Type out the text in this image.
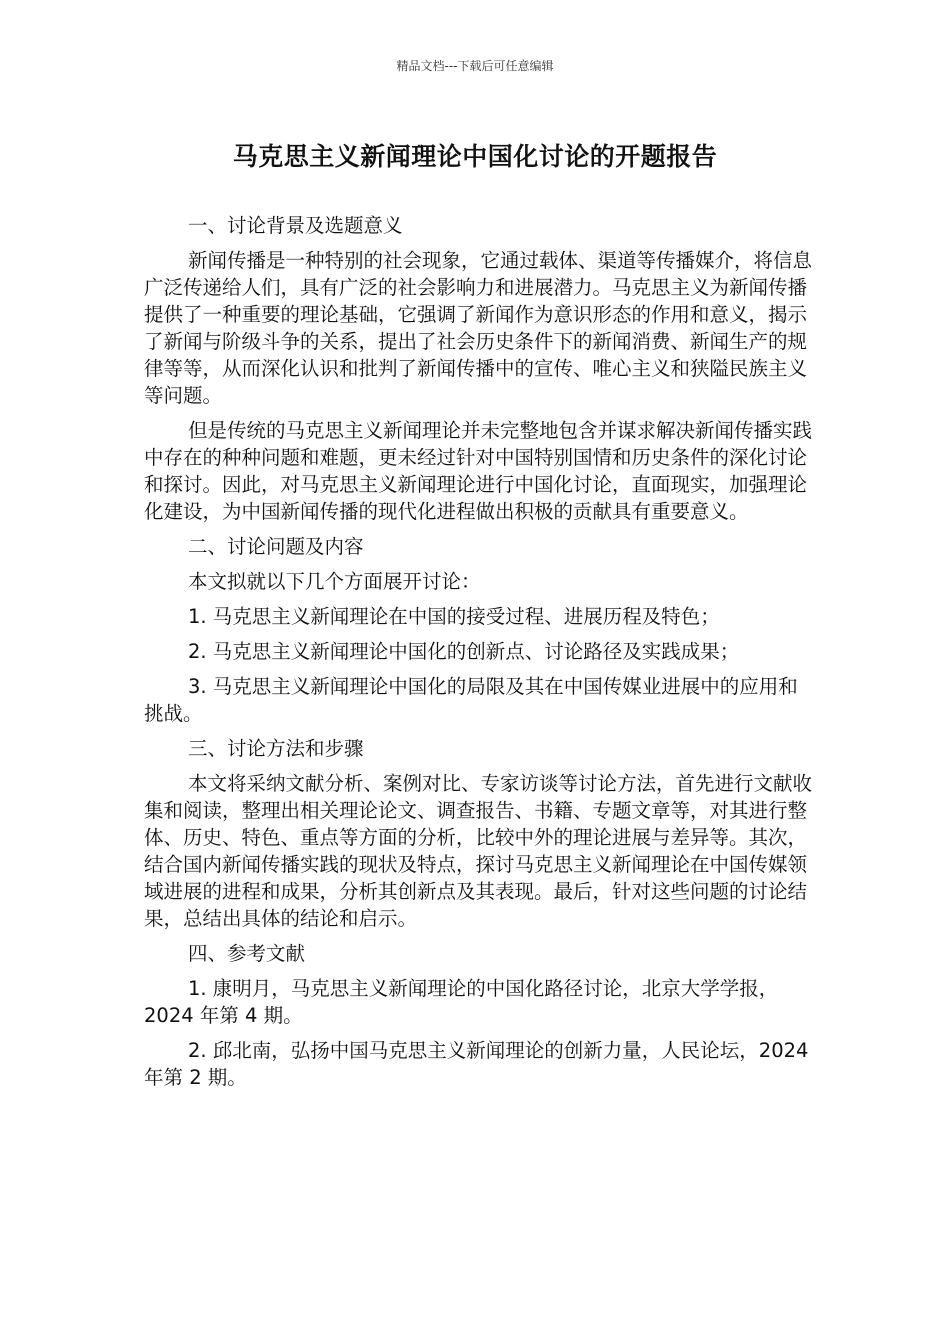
精品文档---下载后可任意编辑
马克思主义新闻理论中国化讨论的开题报告

一、讨论背景及选题意义

新闻传播是一种特别的社会现象，它通过载体、渠道等传播媒介，将信息广泛传递给人们，具有广泛的社会影响力和进展潜力。马克思主义为新闻传播提供了一种重要的理论基础，它强调了新闻作为意识形态的作用和意义，揭示了新闻与阶级斗争的关系，提出了社会历史条件下的新闻消费、新闻生产的规律等等，从而深化认识和批判了新闻传播中的宣传、唯心主义和狭隘民族主义等问题。

但是传统的马克思主义新闻理论并未完整地包含并谋求解决新闻传播实践中存在的种种问题和难题，更未经过针对中国特别国情和历史条件的深化讨论和探讨。因此，对马克思主义新闻理论进行中国化讨论，直面现实，加强理论化建设，为中国新闻传播的现代化进程做出积极的贡献具有重要意义。

二、讨论问题及内容

本文拟就以下几个方面展开讨论：

1. 马克思主义新闻理论在中国的接受过程、进展历程及特色；

2. 马克思主义新闻理论中国化的创新点、讨论路径及实践成果；

3. 马克思主义新闻理论中国化的局限及其在中国传媒业进展中的应用和挑战。

三、讨论方法和步骤

本文将采纳文献分析、案例对比、专家访谈等讨论方法，首先进行文献收集和阅读，整理出相关理论论文、调查报告、书籍、专题文章等，对其进行整体、历史、特色、重点等方面的分析，比较中外的理论进展与差异等。其次，结合国内新闻传播实践的现状及特点，探讨马克思主义新闻理论在中国传媒领域进展的进程和成果，分析其创新点及其表现。最后，针对这些问题的讨论结果，总结出具体的结论和启示。

四、参考文献

1. 康明月，马克思主义新闻理论的中国化路径讨论，北京大学学报，2024 年第 4 期。

2. 邱北南，弘扬中国马克思主义新闻理论的创新力量，人民论坛，2024 年第 2 期。
